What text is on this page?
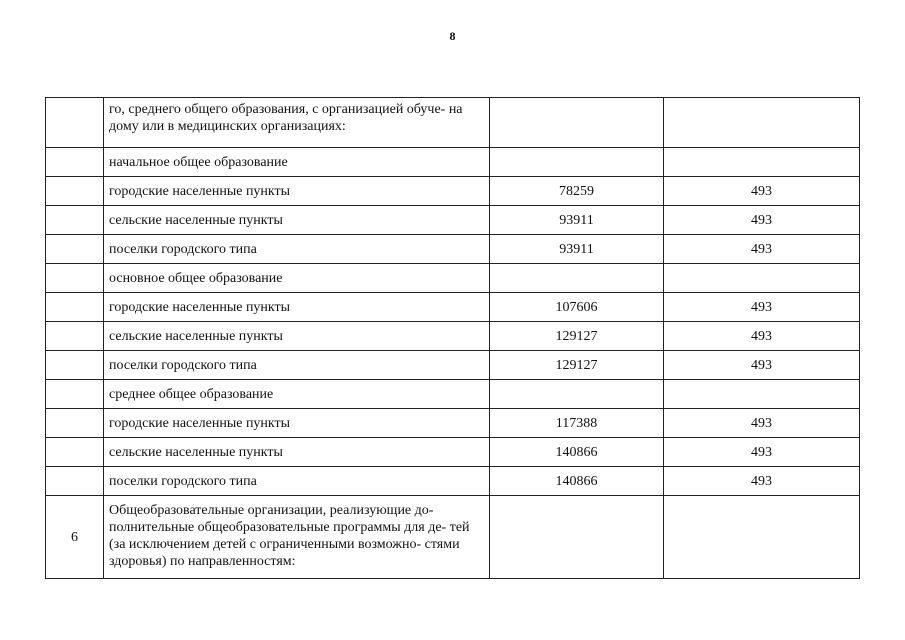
8
	го, среднего общего образования, с организацией обуче- на дому или в медицинских организациях:		
	начальное общее образование		
	городские населенные пункты	78259	493
	сельские населенные пункты	93911	493
	поселки городского типа	93911	493
	основное общее образование		
	городские населенные пункты	107606	493
	сельские населенные пункты	129127	493
	поселки городского типа	129127	493
	среднее общее образование		
	городские населенные пункты	117388	493
	сельские населенные пункты	140866	493
	поселки городского типа	140866	493
6	Общеобразовательные организации, реализующие до- полнительные общеобразовательные программы для де- тей (за исключением детей с ограниченными возможно- стями здоровья) по направленностям:		
